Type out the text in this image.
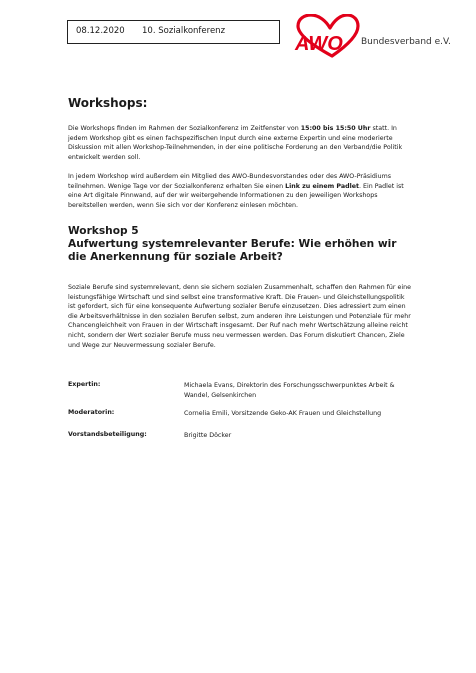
08.12.2020 10. Sozialkonferenz
AWO Bundesverband e.V.
Workshops:

Die Workshops finden im Rahmen der Sozialkonferenz im Zeitfenster von 15:00 bis 15:50 Uhr statt. In jedem Workshop gibt es einen fachspezifischen Input durch eine externe Expertin und eine moderierte Diskussion mit allen Workshop-Teilnehmenden, in der eine politische Forderung an den Verband/die Politik entwickelt werden soll.

In jedem Workshop wird außerdem ein Mitglied des AWO-Bundesvorstandes oder des AWO-Präsidiums teilnehmen. Wenige Tage vor der Sozialkonferenz erhalten Sie einen Link zu einem Padlet. Ein Padlet ist eine Art digitale Pinnwand, auf der wir weitergehende Informationen zu den jeweiligen Workshops bereitstellen werden, wenn Sie sich vor der Konferenz einlesen möchten.

Workshop 5
Aufwertung systemrelevanter Berufe: Wie erhöhen wir die Anerkennung für soziale Arbeit?

Soziale Berufe sind systemrelevant, denn sie sichern sozialen Zusammenhalt, schaffen den Rahmen für eine leistungsfähige Wirtschaft und sind selbst eine transformative Kraft. Die Frauen- und Gleichstellungspolitik ist gefordert, sich für eine konsequente Aufwertung sozialer Berufe einzusetzen. Dies adressiert zum einen die Arbeitsverhältnisse in den sozialen Berufen selbst, zum anderen ihre Leistungen und Potenziale für mehr Chancengleichheit von Frauen in der Wirtschaft insgesamt. Der Ruf nach mehr Wertschätzung alleine reicht nicht, sondern der Wert sozialer Berufe muss neu vermessen werden. Das Forum diskutiert Chancen, Ziele und Wege zur Neuvermessung sozialer Berufe.

Expertin:	Michaela Evans, Direktorin des Forschungsschwerpunktes Arbeit & Wandel, Gelsenkirchen
Moderatorin:	Cornelia Emili, Vorsitzende Geko-AK Frauen und Gleichstellung
Vorstandsbeteiligung:	Brigitte Döcker
